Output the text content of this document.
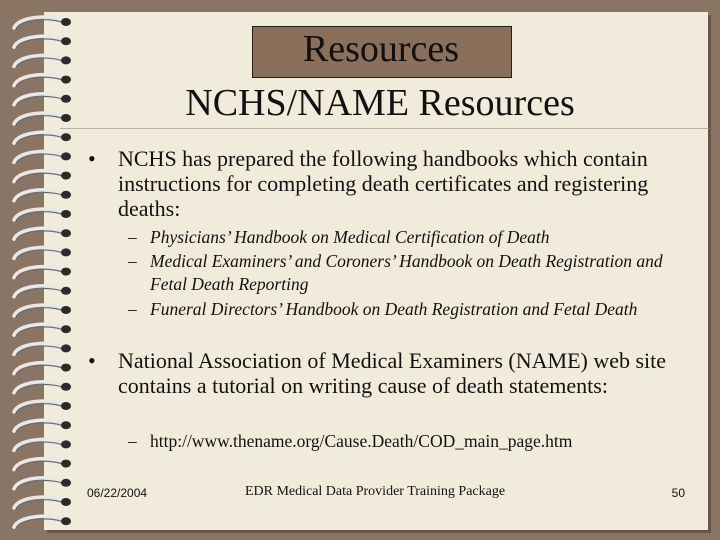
Resources
NCHS/NAME Resources
• NCHS has prepared the following handbooks which contain instructions for completing death certificates and registering deaths:
– Physicians’ Handbook on Medical Certification of Death
– Medical Examiners’ and Coroners’ Handbook on Death Registration and Fetal Death Reporting
– Funeral Directors’ Handbook on Death Registration and Fetal Death
• National Association of Medical Examiners (NAME) web site contains a tutorial on writing cause of death statements:
– http://www.thename.org/Cause.Death/COD_main_page.htm
06/22/2004	EDR Medical Data Provider Training Package	50
